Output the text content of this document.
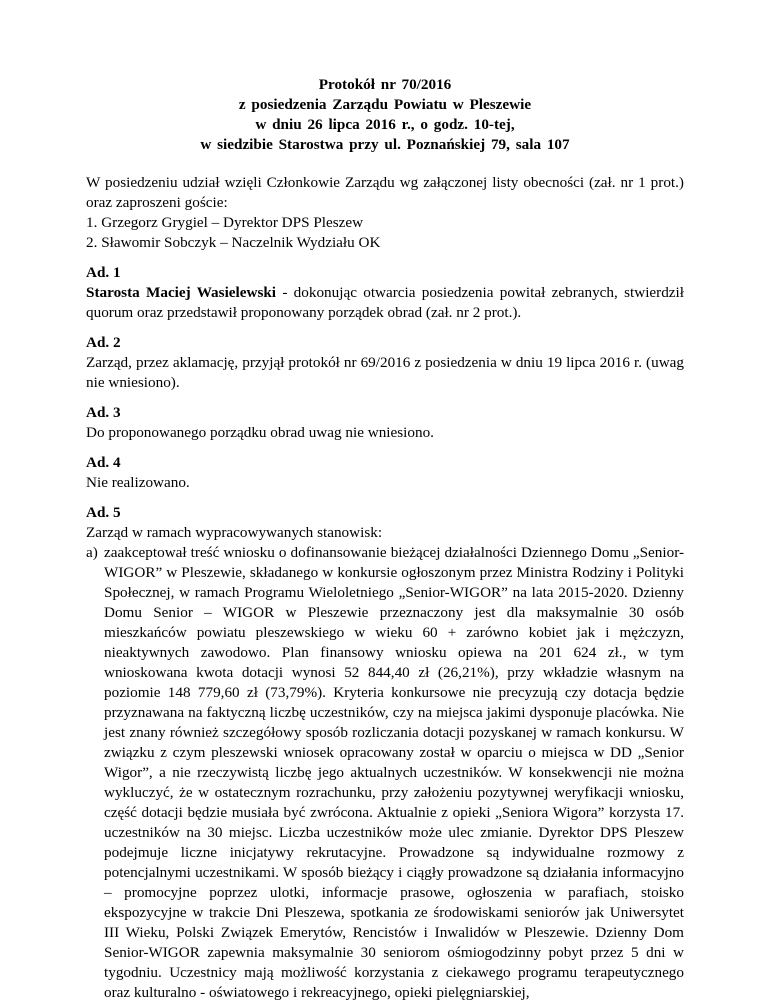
Protokół nr 70/2016
z posiedzenia Zarządu Powiatu w Pleszewie
w dniu 26 lipca 2016 r., o godz. 10-tej,
w siedzibie Starostwa przy ul. Poznańskiej 79, sala 107

W posiedzeniu udział wzięli Członkowie Zarządu wg załączonej listy obecności (zał. nr 1 prot.) oraz zaproszeni goście:

1. Grzegorz Grygiel – Dyrektor DPS Pleszew
2. Sławomir Sobczyk – Naczelnik Wydziału OK
Ad. 1

Starosta Maciej Wasielewski - dokonując otwarcia posiedzenia powitał zebranych, stwierdził quorum oraz przedstawił proponowany porządek obrad (zał. nr 2 prot.).

Ad. 2

Zarząd, przez aklamację, przyjął protokół nr 69/2016 z posiedzenia w dniu 19 lipca 2016 r. (uwag nie wniesiono).

Ad. 3

Do proponowanego porządku obrad uwag nie wniesiono.

Ad. 4

Nie realizowano.

Ad. 5

Zarząd w ramach wypracowywanych stanowisk:

a) zaakceptował treść wniosku o dofinansowanie bieżącej działalności Dziennego Domu „Senior-WIGOR” w Pleszewie, składanego w konkursie ogłoszonym przez Ministra Rodziny i Polityki Społecznej, w ramach Programu Wieloletniego „Senior-WIGOR” na lata 2015-2020. Dzienny Domu Senior – WIGOR w Pleszewie przeznaczony jest dla maksymalnie 30 osób mieszkańców powiatu pleszewskiego w wieku 60 + zarówno kobiet jak i mężczyzn, nieaktywnych zawodowo. Plan finansowy wniosku opiewa na 201 624 zł., w tym wnioskowana kwota dotacji wynosi 52 844,40 zł (26,21%), przy wkładzie własnym na poziomie 148 779,60 zł (73,79%). Kryteria konkursowe nie precyzują czy dotacja będzie przyznawana na faktyczną liczbę uczestników, czy na miejsca jakimi dysponuje placówka. Nie jest znany również szczegółowy sposób rozliczania dotacji pozyskanej w ramach konkursu. W związku z czym pleszewski wniosek opracowany został w oparciu o miejsca w DD „Senior Wigor”, a nie rzeczywistą liczbę jego aktualnych uczestników. W konsekwencji nie można wykluczyć, że w ostatecznym rozrachunku, przy założeniu pozytywnej weryfikacji wniosku, część dotacji będzie musiała być zwrócona. Aktualnie z opieki „Seniora Wigora” korzysta 17. uczestników na 30 miejsc. Liczba uczestników może ulec zmianie. Dyrektor DPS Pleszew podejmuje liczne inicjatywy rekrutacyjne. Prowadzone są indywidualne rozmowy z potencjalnymi uczestnikami. W sposób bieżący i ciągły prowadzone są działania informacyjno – promocyjne poprzez ulotki, informacje prasowe, ogłoszenia w parafiach, stoisko ekspozycyjne w trakcie Dni Pleszewa, spotkania ze środowiskami seniorów jak Uniwersytet III Wieku, Polski Związek Emerytów, Rencistów i Inwalidów w Pleszewie. Dzienny Dom Senior-WIGOR zapewnia maksymalnie 30 seniorom ośmiogodzinny pobyt przez 5 dni w tygodniu. Uczestnicy mają możliwość korzystania z ciekawego programu terapeutycznego oraz kulturalno - oświatowego i rekreacyjnego, opieki pielęgniarskiej,
